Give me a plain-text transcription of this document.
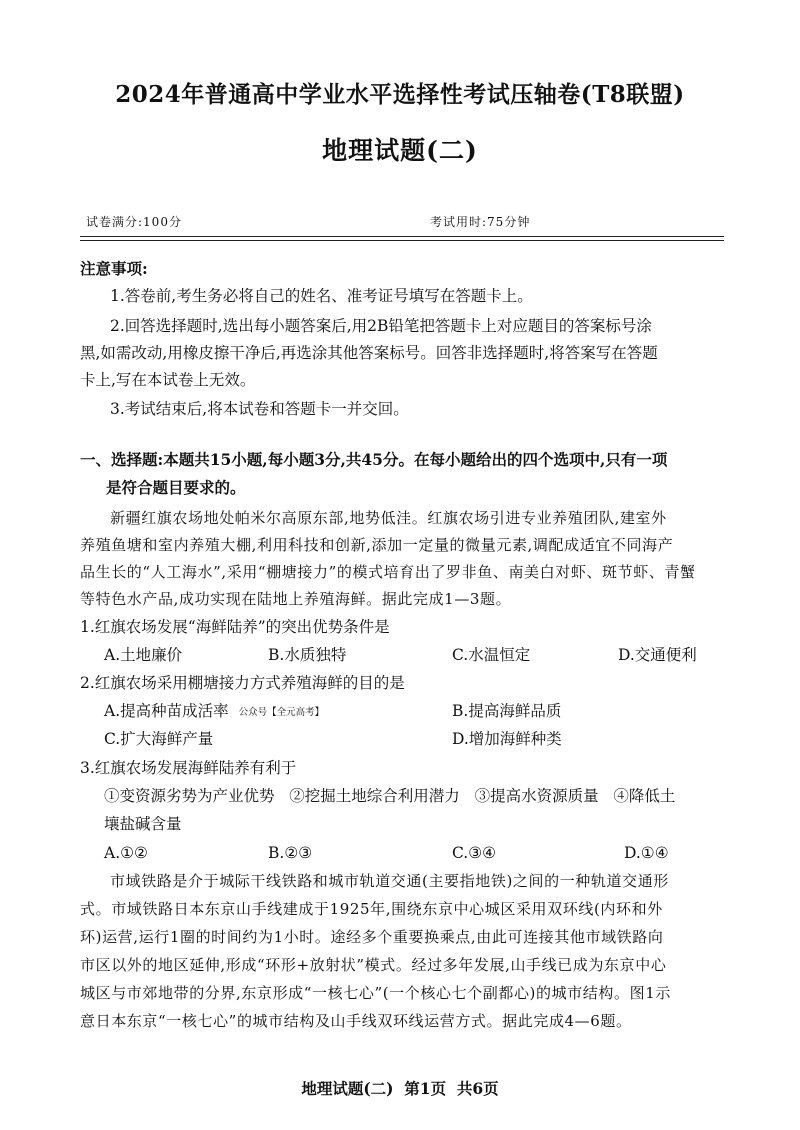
2024年普通高中学业水平选择性考试压轴卷(T8联盟)
地理试题(二)
试卷满分:100分	考试用时:75分钟
注意事项:
1.答卷前,考生务必将自己的姓名、准考证号填写在答题卡上。
2.回答选择题时,选出每小题答案后,用2B铅笔把答题卡上对应题目的答案标号涂
黑,如需改动,用橡皮擦干净后,再选涂其他答案标号。回答非选择题时,将答案写在答题
卡上,写在本试卷上无效。
3.考试结束后,将本试卷和答题卡一并交回。
一、选择题:本题共15小题,每小题3分,共45分。在每小题给出的四个选项中,只有一项
是符合题目要求的。
新疆红旗农场地处帕米尔高原东部,地势低洼。红旗农场引进专业养殖团队,建室外
养殖鱼塘和室内养殖大棚,利用科技和创新,添加一定量的微量元素,调配成适宜不同海产
品生长的“人工海水”,采用“棚塘接力”的模式培育出了罗非鱼、南美白对虾、斑节虾、青蟹
等特色水产品,成功实现在陆地上养殖海鲜。据此完成1—3题。
1.红旗农场发展“海鲜陆养”的突出优势条件是
A.土地廉价	B.水质独特	C.水温恒定	D.交通便利
2.红旗农场采用棚塘接力方式养殖海鲜的目的是
A.提高种苗成活率 公众号【全元高考】	B.提高海鲜品质
C.扩大海鲜产量	D.增加海鲜种类
3.红旗农场发展海鲜陆养有利于
①变资源劣势为产业优势   ②挖掘土地综合利用潜力   ③提高水资源质量   ④降低土
壤盐碱含量
A.①②	B.②③	C.③④	D.①④
市域铁路是介于城际干线铁路和城市轨道交通(主要指地铁)之间的一种轨道交通形
式。市域铁路日本东京山手线建成于1925年,围绕东京中心城区采用双环线(内环和外
环)运营,运行1圈的时间约为1小时。途经多个重要换乘点,由此可连接其他市域铁路向
市区以外的地区延伸,形成“环形+放射状”模式。经过多年发展,山手线已成为东京中心
城区与市郊地带的分界,东京形成“一核七心”(一个核心七个副都心)的城市结构。图1示
意日本东京“一核七心”的城市结构及山手线双环线运营方式。据此完成4—6题。
地理试题(二)  第1页  共6页
